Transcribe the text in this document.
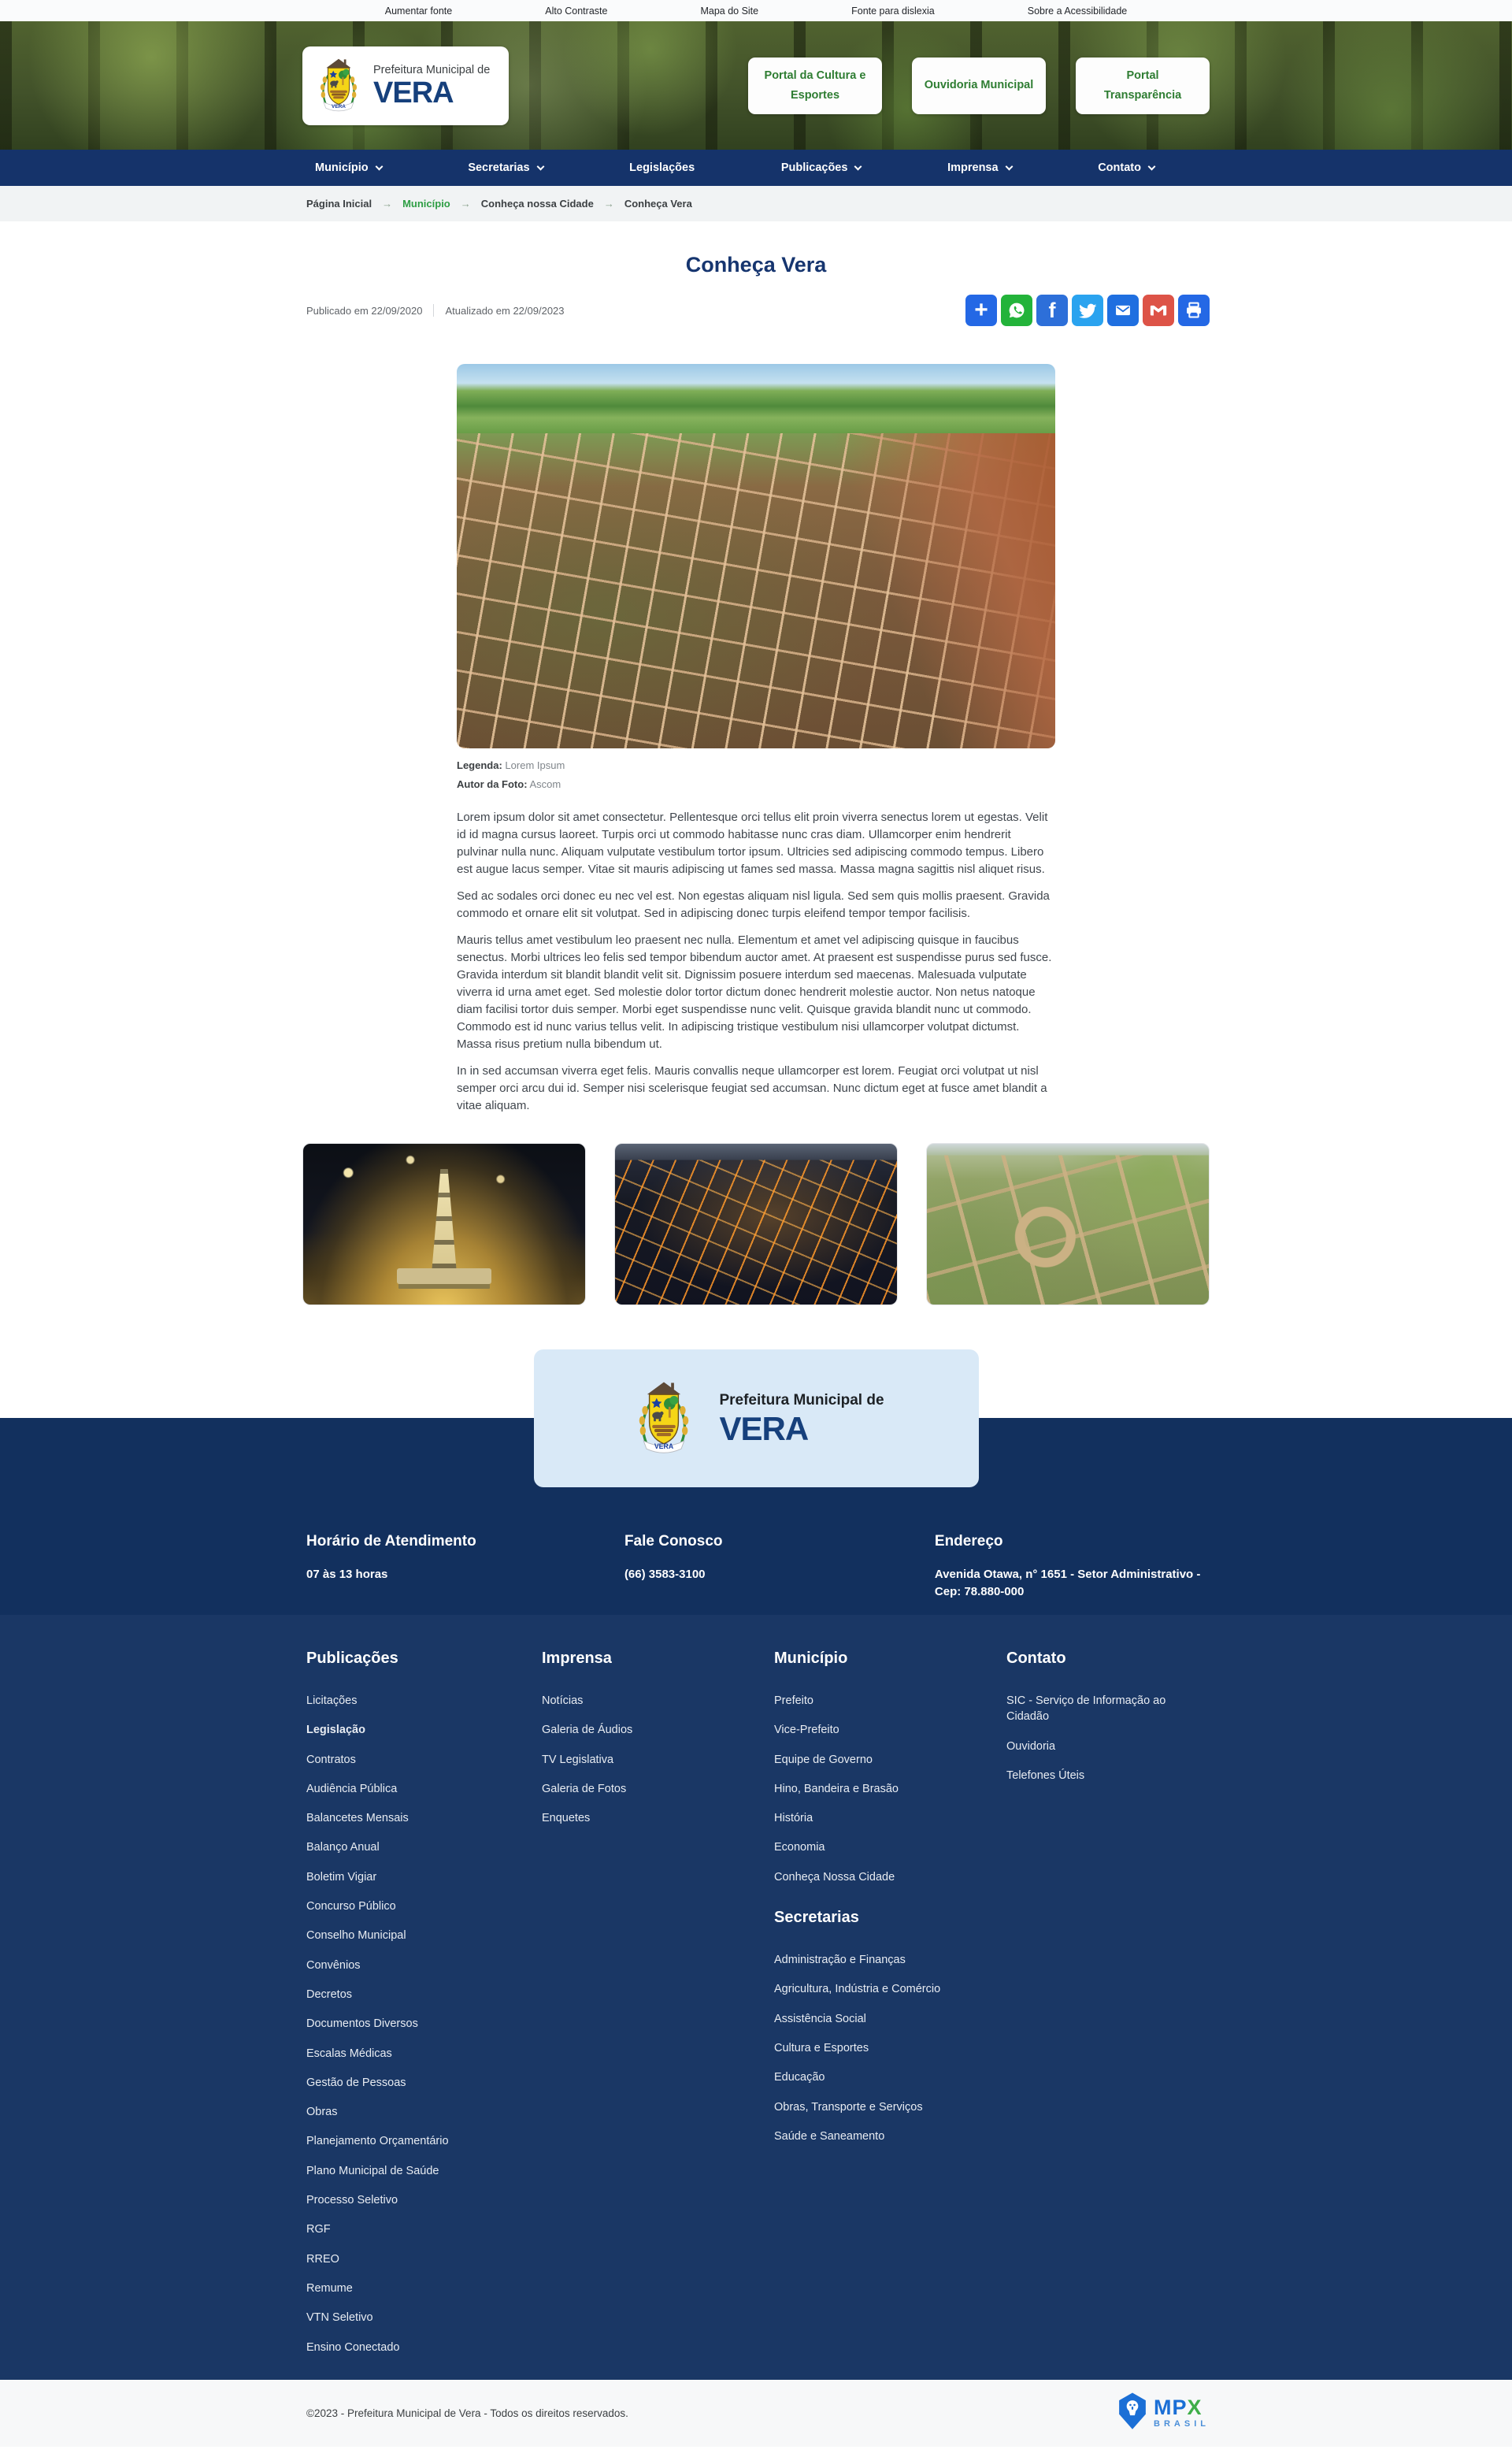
Aumentar fonte	Alto Contraste	Mapa do Site	Fonte para dislexia	Sobre a Acessibilidade
VERA
Prefeitura Municipal de
VERA
Portal da Cultura e Esportes
Ouvidoria Municipal
Portal Transparência
Município	Secretarias	Legislações	Publicações	Imprensa	Contato
Página Inicial → Município → Conheça nossa Cidade → Conheça Vera
Conheça Vera
Publicado em 22/09/2020 Atualizado em 22/09/2023	+	f
Legenda: Lorem Ipsum
Autor da Foto: Ascom

Lorem ipsum dolor sit amet consectetur. Pellentesque orci tellus elit proin viverra senectus lorem ut egestas. Velit id id magna cursus laoreet. Turpis orci ut commodo habitasse nunc cras diam. Ullamcorper enim hendrerit pulvinar nulla nunc. Aliquam vulputate vestibulum tortor ipsum. Ultricies sed adipiscing commodo tempus. Libero est augue lacus semper. Vitae sit mauris adipiscing ut fames sed massa. Massa magna sagittis nisl aliquet risus.

Sed ac sodales orci donec eu nec vel est. Non egestas aliquam nisl ligula. Sed sem quis mollis praesent. Gravida commodo et ornare elit sit volutpat. Sed in adipiscing donec turpis eleifend tempor tempor facilisis.

Mauris tellus amet vestibulum leo praesent nec nulla. Elementum et amet vel adipiscing quisque in faucibus senectus. Morbi ultrices leo felis sed tempor bibendum auctor amet. At praesent est suspendisse purus sed fusce. Gravida interdum sit blandit blandit velit sit. Dignissim posuere interdum sed maecenas. Malesuada vulputate viverra id urna amet eget. Sed molestie dolor tortor dictum donec hendrerit molestie auctor. Non netus natoque diam facilisi tortor duis semper. Morbi eget suspendisse nunc velit. Quisque gravida blandit nunc ut commodo. Commodo est id nunc varius tellus velit. In adipiscing tristique vestibulum nisi ullamcorper volutpat dictumst. Massa risus pretium nulla bibendum ut.

In in sed accumsan viverra eget felis. Mauris convallis neque ullamcorper est lorem. Feugiat orci volutpat ut nisl semper orci arcu dui id. Semper nisi scelerisque feugiat sed accumsan. Nunc dictum eget at fusce amet blandit a vitae aliquam.

VERA
Prefeitura Municipal de
VERA
Horário de Atendimento
07 às 13 horas
Fale Conosco
(66) 3583-3100
Endereço
Avenida Otawa, n° 1651 - Setor Administrativo - Cep: 78.880-000
Publicações
Licitações
Legislação
Contratos
Audiência Pública
Balancetes Mensais
Balanço Anual
Boletim Vigiar
Concurso Público
Conselho Municipal
Convênios
Decretos
Documentos Diversos
Escalas Médicas
Gestão de Pessoas
Obras
Planejamento Orçamentário
Plano Municipal de Saúde
Processo Seletivo
RGF
RREO
Remume
VTN Seletivo
Ensino Conectado
Imprensa
Notícias
Galeria de Áudios
TV Legislativa
Galeria de Fotos
Enquetes
Município
Prefeito
Vice-Prefeito
Equipe de Governo
Hino, Bandeira e Brasão
História
Economia
Conheça Nossa Cidade
Secretarias
Administração e Finanças
Agricultura, Indústria e Comércio
Assistência Social
Cultura e Esportes
Educação
Obras, Transporte e Serviços
Saúde e Saneamento
Contato
SIC - Serviço de Informação ao Cidadão
Ouvidoria
Telefones Úteis
©2023 - Prefeitura Municipal de Vera - Todos os direitos reservados.	MPX
BRASIL
